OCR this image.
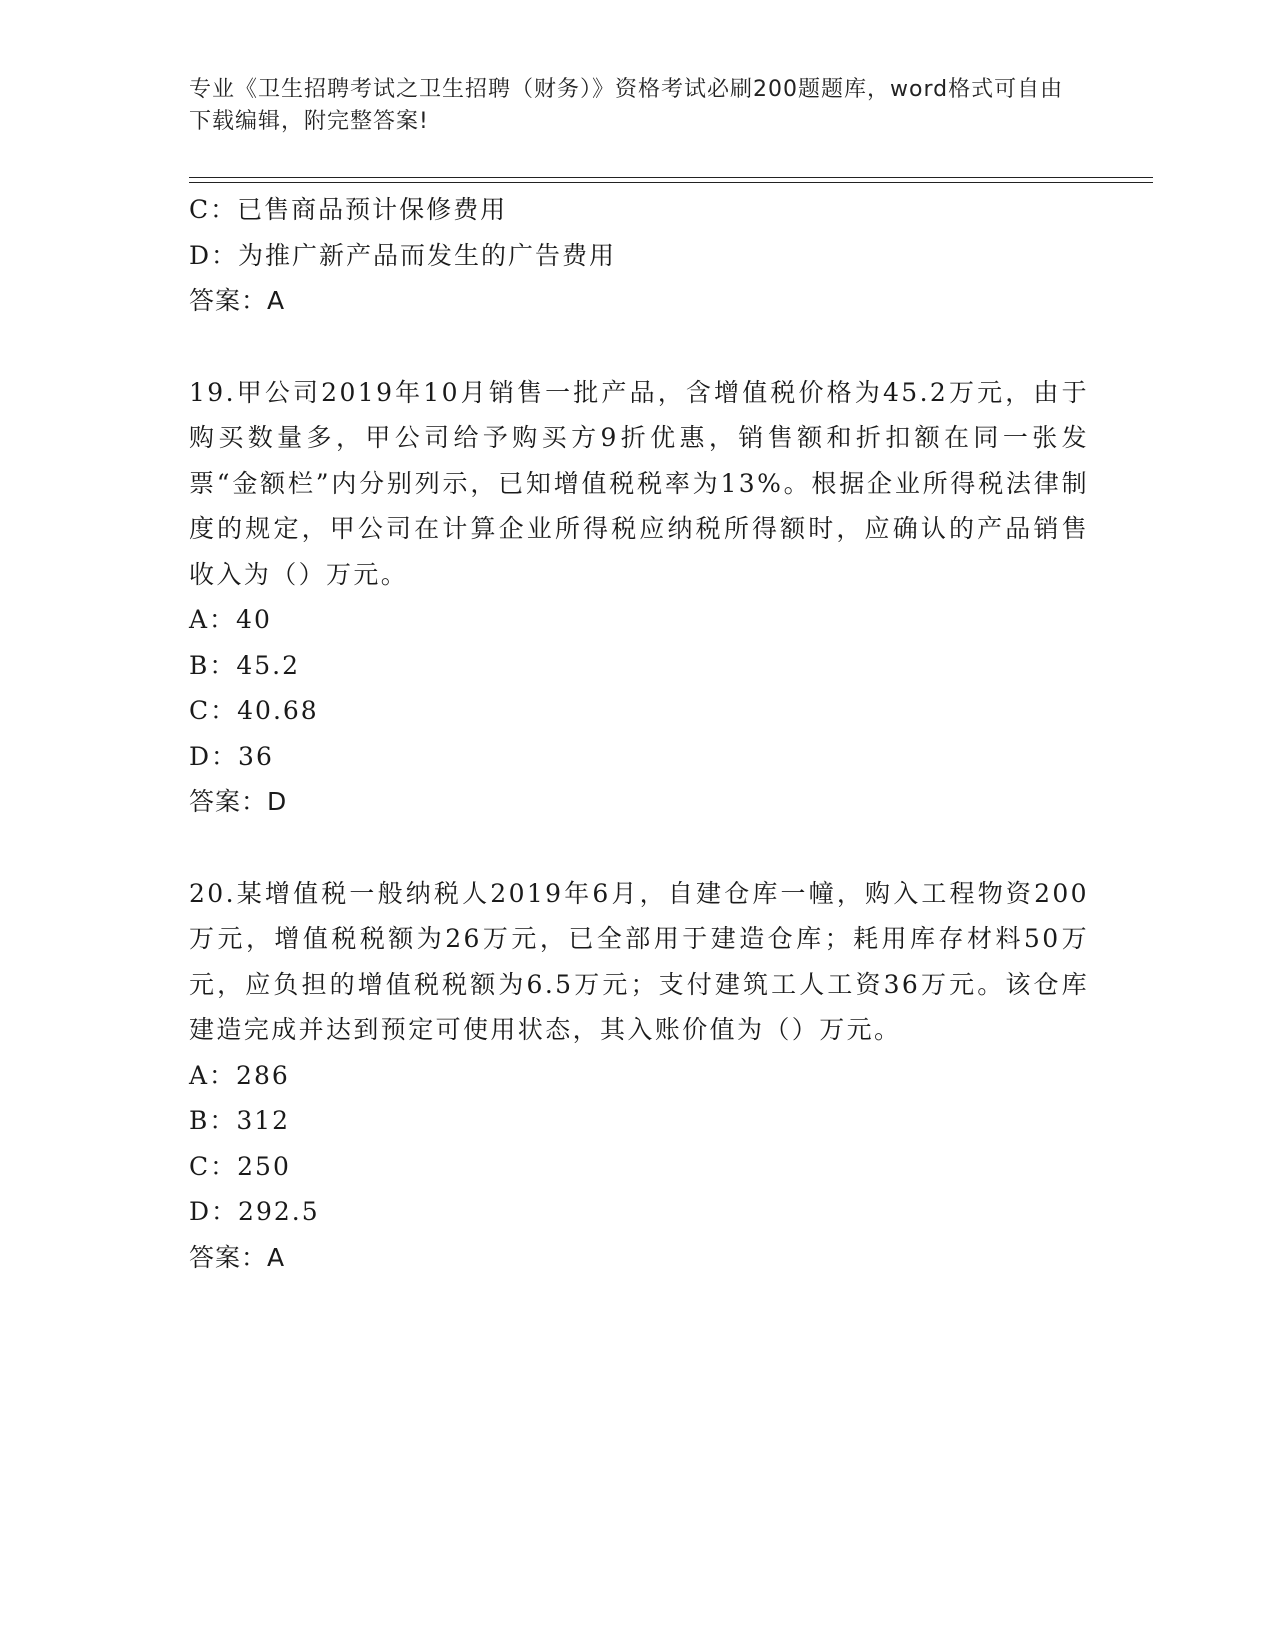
专业《卫生招聘考试之卫生招聘（财务）》资格考试必刷200题题库，word格式可自由下载编辑，附完整答案!

C：已售商品预计保修费用

D：为推广新产品而发生的广告费用

答案：A

19.甲公司2019年10月销售一批产品，含增值税价格为45.2万元，由于购买数量多，甲公司给予购买方9折优惠，销售额和折扣额在同一张发票“金额栏”内分别列示，已知增值税税率为13%。根据企业所得税法律制度的规定，甲公司在计算企业所得税应纳税所得额时，应确认的产品销售收入为（）万元。

A：40

B：45.2

C：40.68

D：36

答案：D

20.某增值税一般纳税人2019年6月，自建仓库一幢，购入工程物资200万元，增值税税额为26万元，已全部用于建造仓库；耗用库存材料50万元，应负担的增值税税额为6.5万元；支付建筑工人工资36万元。该仓库建造完成并达到预定可使用状态，其入账价值为（）万元。

A：286

B：312

C：250

D：292.5

答案：A
